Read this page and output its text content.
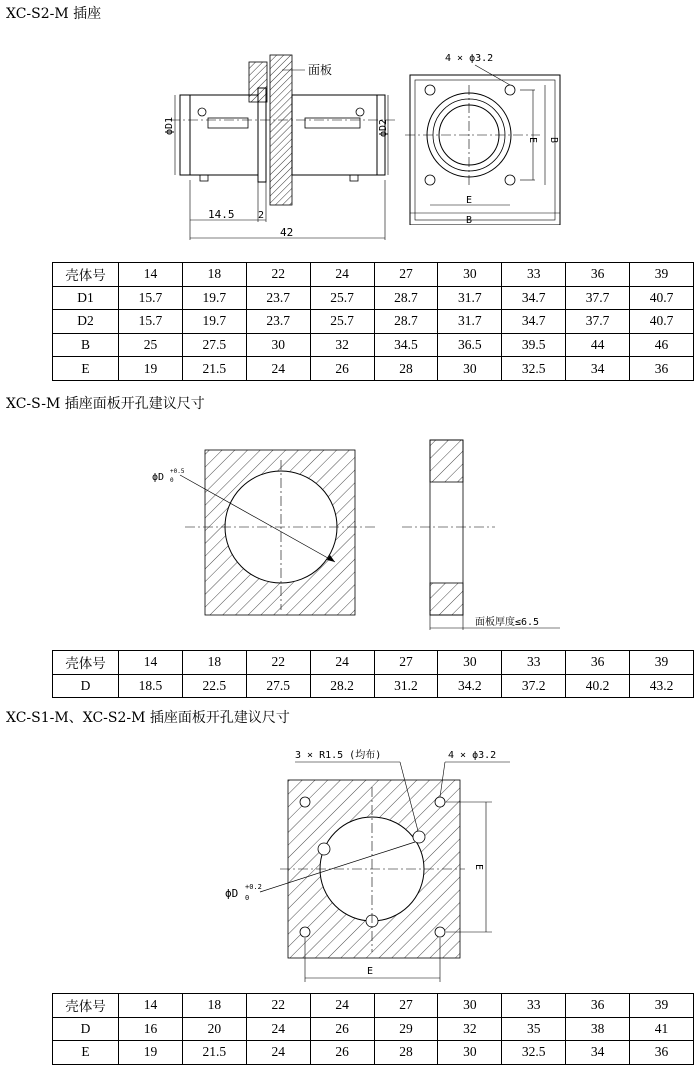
XC-S2-M 插座
ϕD1	ϕD2
面板
14.5 2
42
4 × ϕ3.2
E B
E
B
壳体号	14	18	22	24	27	30	33	36	39
D1	15.7	19.7	23.7	25.7	28.7	31.7	34.7	37.7	40.7
D2	15.7	19.7	23.7	25.7	28.7	31.7	34.7	37.7	40.7
B	25	27.5	30	32	34.5	36.5	39.5	44	46
E	19	21.5	24	26	28	30	32.5	34	36
XC-S-M 插座面板开孔建议尺寸
ϕD
+0.5
0
面板厚度≤6.5
壳体号	14	18	22	24	27	30	33	36	39
D	18.5	22.5	27.5	28.2	31.2	34.2	37.2	40.2	43.2
XC-S1-M、XC-S2-M 插座面板开孔建议尺寸
3 × R1.5 (均布)	4 × ϕ3.2
ϕD +0.2
0
E
E
壳体号	14	18	22	24	27	30	33	36	39
D	16	20	24	26	29	32	35	38	41
E	19	21.5	24	26	28	30	32.5	34	36
